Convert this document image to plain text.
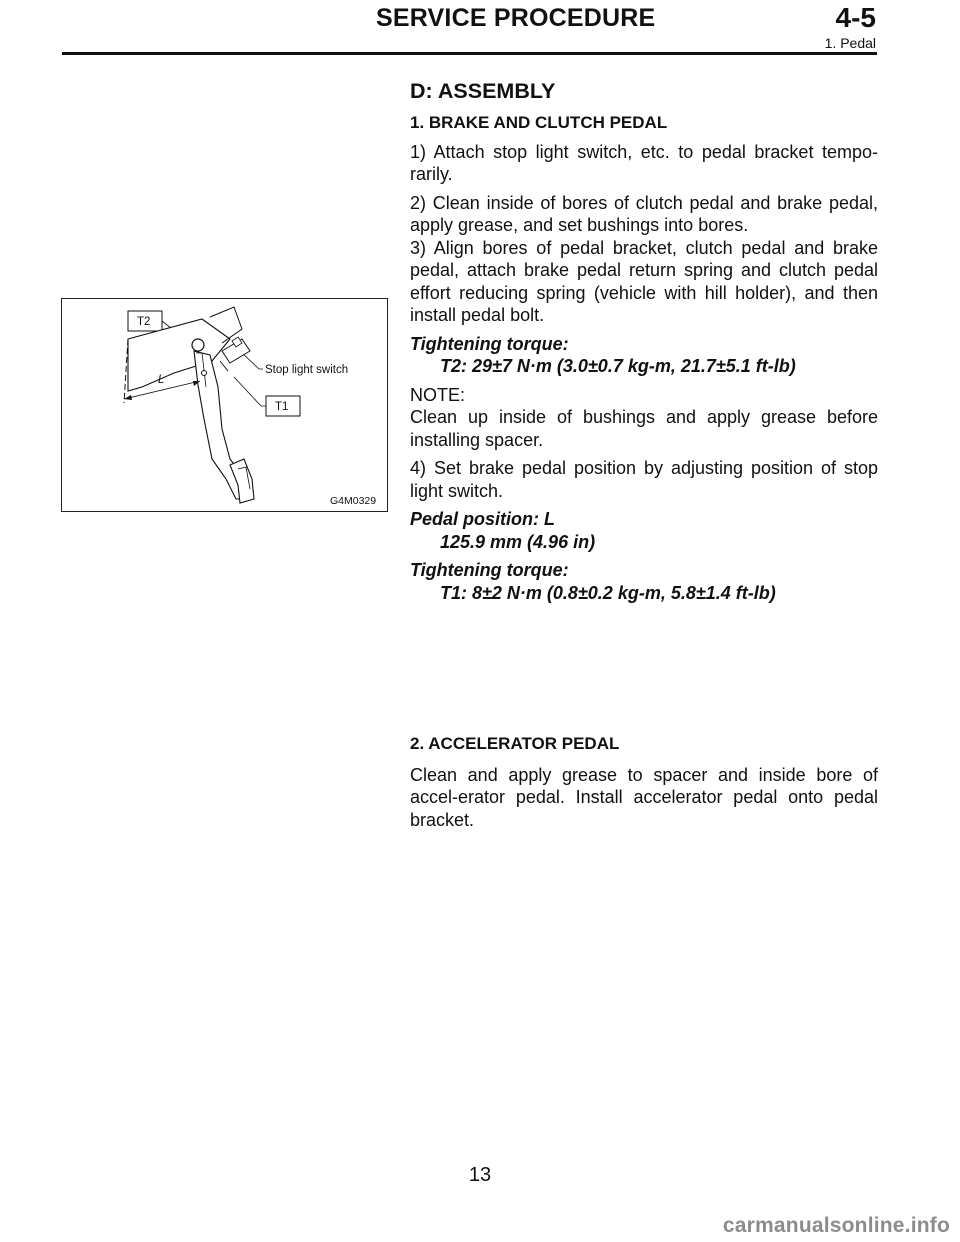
SERVICE PROCEDURE	4-5
1. Pedal
T2
T1
Stop light switch
L
G4M0329

D: ASSEMBLY

1. BRAKE AND CLUTCH PEDAL

1) Attach stop light switch, etc. to pedal bracket tempo-rarily.

2) Clean inside of bores of clutch pedal and brake pedal, apply grease, and set bushings into bores.

3) Align bores of pedal bracket, clutch pedal and brake pedal, attach brake pedal return spring and clutch pedal effort reducing spring (vehicle with hill holder), and then install pedal bolt.

Tightening torque:

T2: 29±7 N·m (3.0±0.7 kg-m, 21.7±5.1 ft-lb)

NOTE:

Clean up inside of bushings and apply grease before installing spacer.

4) Set brake pedal position by adjusting position of stop light switch.

Pedal position: L

125.9 mm (4.96 in)

Tightening torque:

T1: 8±2 N·m (0.8±0.2 kg-m, 5.8±1.4 ft-lb)

2. ACCELERATOR PEDAL

Clean and apply grease to spacer and inside bore of accel-erator pedal. Install accelerator pedal onto pedal bracket.

13
carmanualsonline.info
